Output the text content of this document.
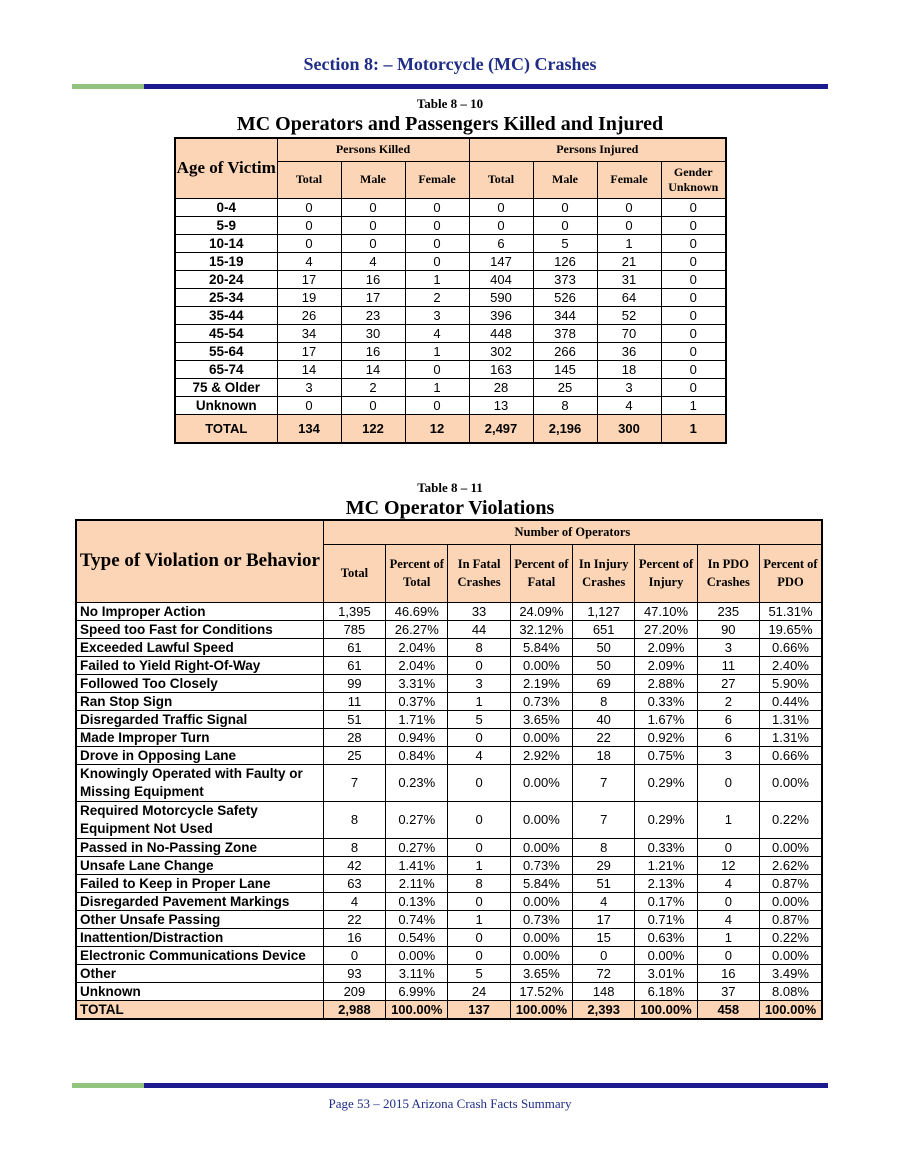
Section 8: – Motorcycle (MC) Crashes
Table 8 – 10
MC Operators and Passengers Killed and Injured
Age of Victim	Persons Killed			Persons Injured			
	Total	Male	Female	Total	Male	Female	Gender Unknown
0-4	0	0	0	0	0	0	0
5-9	0	0	0	0	0	0	0
10-14	0	0	0	6	5	1	0
15-19	4	4	0	147	126	21	0
20-24	17	16	1	404	373	31	0
25-34	19	17	2	590	526	64	0
35-44	26	23	3	396	344	52	0
45-54	34	30	4	448	378	70	0
55-64	17	16	1	302	266	36	0
65-74	14	14	0	163	145	18	0
75 & Older	3	2	1	28	25	3	0
Unknown	0	0	0	13	8	4	1
TOTAL	134	122	12	2,497	2,196	300	1
Table 8 – 11
MC Operator Violations
Type of Violation or Behavior	Number of Operators							
	Total	Percent of Total	In Fatal Crashes	Percent of Fatal	In Injury Crashes	Percent of Injury	In PDO Crashes	Percent of PDO
No Improper Action	1,395	46.69%	33	24.09%	1,127	47.10%	235	51.31%
Speed too Fast for Conditions	785	26.27%	44	32.12%	651	27.20%	90	19.65%
Exceeded Lawful Speed	61	2.04%	8	5.84%	50	2.09%	3	0.66%
Failed to Yield Right-Of-Way	61	2.04%	0	0.00%	50	2.09%	11	2.40%
Followed Too Closely	99	3.31%	3	2.19%	69	2.88%	27	5.90%
Ran Stop Sign	11	0.37%	1	0.73%	8	0.33%	2	0.44%
Disregarded Traffic Signal	51	1.71%	5	3.65%	40	1.67%	6	1.31%
Made Improper Turn	28	0.94%	0	0.00%	22	0.92%	6	1.31%
Drove in Opposing Lane	25	0.84%	4	2.92%	18	0.75%	3	0.66%
Knowingly Operated with Faulty or Missing Equipment	7	0.23%	0	0.00%	7	0.29%	0	0.00%
Required Motorcycle Safety Equipment Not Used	8	0.27%	0	0.00%	7	0.29%	1	0.22%
Passed in No-Passing Zone	8	0.27%	0	0.00%	8	0.33%	0	0.00%
Unsafe Lane Change	42	1.41%	1	0.73%	29	1.21%	12	2.62%
Failed to Keep in Proper Lane	63	2.11%	8	5.84%	51	2.13%	4	0.87%
Disregarded Pavement Markings	4	0.13%	0	0.00%	4	0.17%	0	0.00%
Other Unsafe Passing	22	0.74%	1	0.73%	17	0.71%	4	0.87%
Inattention/Distraction	16	0.54%	0	0.00%	15	0.63%	1	0.22%
Electronic Communications Device	0	0.00%	0	0.00%	0	0.00%	0	0.00%
Other	93	3.11%	5	3.65%	72	3.01%	16	3.49%
Unknown	209	6.99%	24	17.52%	148	6.18%	37	8.08%
TOTAL	2,988	100.00%	137	100.00%	2,393	100.00%	458	100.00%
Page 53 – 2015 Arizona Crash Facts Summary
